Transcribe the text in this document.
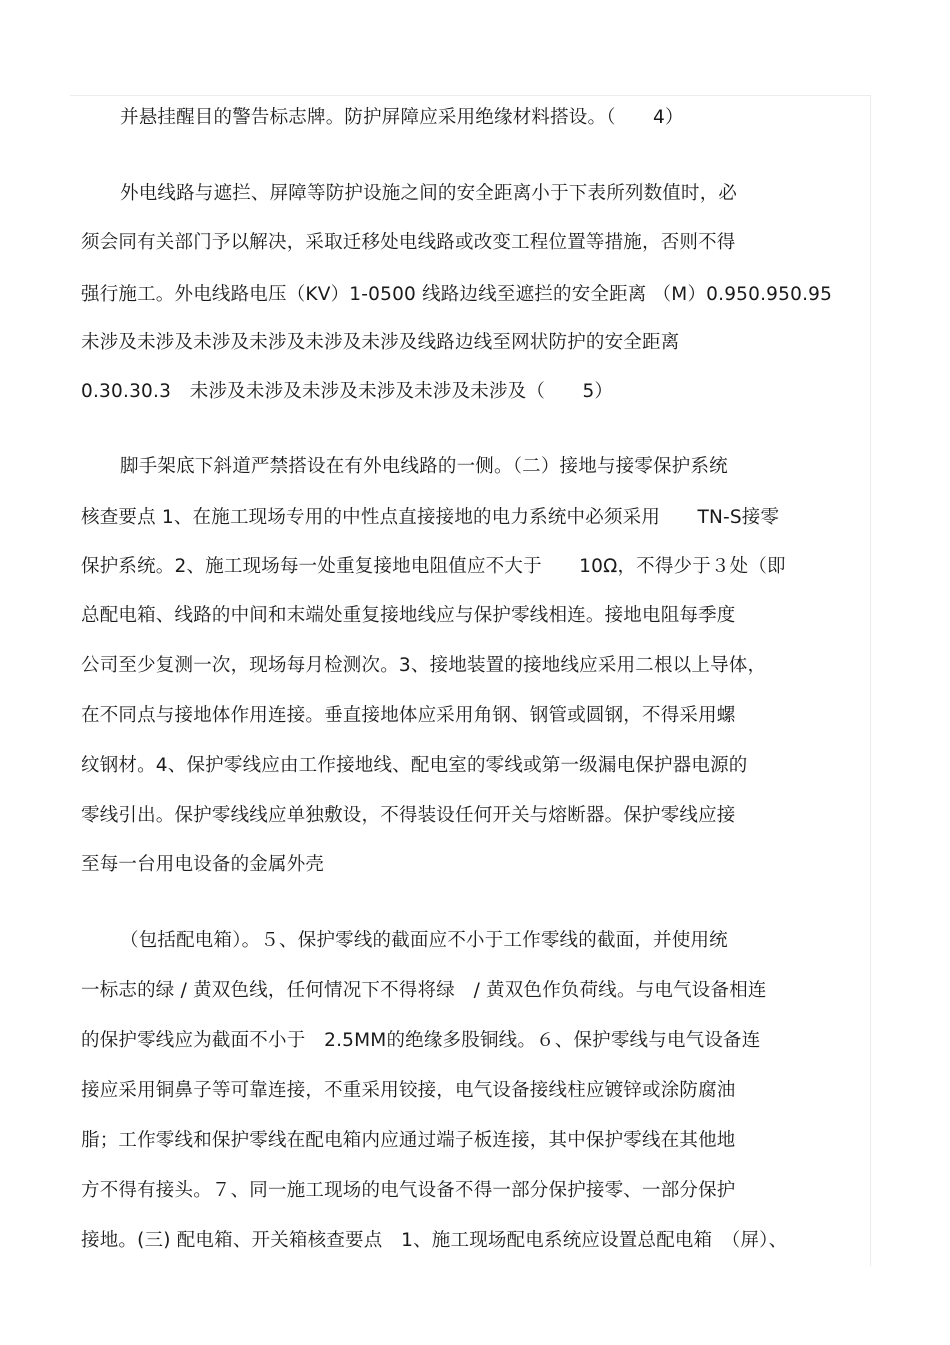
并悬挂醒目的警告标志牌。防护屏障应采用绝缘材料搭设。（　　4）
外电线路与遮拦、屏障等防护设施之间的安全距离小于下表所列数值时，必
须会同有关部门予以解决，采取迁移处电线路或改变工程位置等措施，否则不得
强行施工。外电线路电压（KV）1-0500 线路边线至遮拦的安全距离 （M）0.950.950.95
未涉及未涉及未涉及未涉及未涉及未涉及线路边线至网状防护的安全距离
0.30.30.3　未涉及未涉及未涉及未涉及未涉及未涉及（　　5）
脚手架底下斜道严禁搭设在有外电线路的一侧。（二）接地与接零保护系统
核查要点 1、在施工现场专用的中性点直接接地的电力系统中必须采用　　TN-S接零
保护系统。2、施工现场每一处重复接地电阻值应不大于　　10Ω，不得少于３处（即
总配电箱、线路的中间和末端处重复接地线应与保护零线相连。接地电阻每季度
公司至少复测一次，现场每月检测次。3、接地装置的接地线应采用二根以上导体，
在不同点与接地体作用连接。垂直接地体应采用角钢、钢管或圆钢，不得采用螺
纹钢材。4、保护零线应由工作接地线、配电室的零线或第一级漏电保护器电源的
零线引出。保护零线线应单独敷设，不得装设任何开关与熔断器。保护零线应接
至每一台用电设备的金属外壳
（包括配电箱）。５、保护零线的截面应不小于工作零线的截面，并使用统
一标志的绿 / 黄双色线，任何情况下不得将绿　/ 黄双色作负荷线。与电气设备相连
的保护零线应为截面不小于　2.5MM的绝缘多股铜线。６、保护零线与电气设备连
接应采用铜鼻子等可靠连接，不重采用铰接，电气设备接线柱应镀锌或涂防腐油
脂；工作零线和保护零线在配电箱内应通过端子板连接，其中保护零线在其他地
方不得有接头。７、同一施工现场的电气设备不得一部分保护接零、一部分保护
接地。(三) 配电箱、开关箱核查要点　1、施工现场配电系统应设置总配电箱　（屏）、
